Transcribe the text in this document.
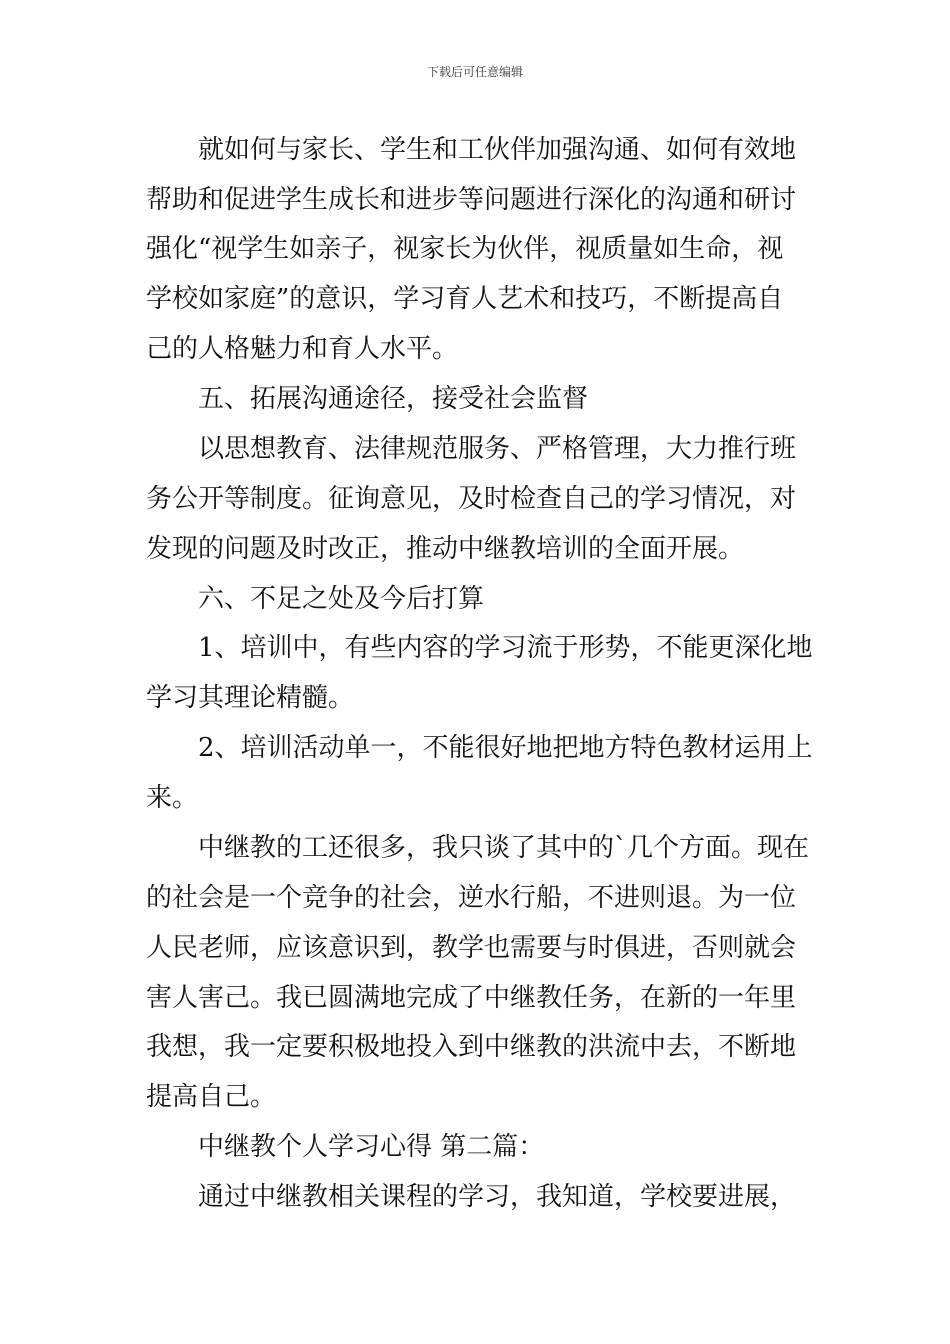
下载后可任意编辑
就如何与家长、学生和工伙伴加强沟通、如何有效地
帮助和促进学生成长和进步等问题进行深化的沟通和研讨
强化“视学生如亲子，视家长为伙伴，视质量如生命，视
学校如家庭”的意识，学习育人艺术和技巧，不断提高自
己的人格魅力和育人水平。
五、拓展沟通途径，接受社会监督
以思想教育、法律规范服务、严格管理，大力推行班
务公开等制度。征询意见，及时检查自己的学习情况，对
发现的问题及时改正，推动中继教培训的全面开展。
六、不足之处及今后打算
1、培训中，有些内容的学习流于形势，不能更深化地
学习其理论精髓。
2、培训活动单一，不能很好地把地方特色教材运用上
来。
中继教的工还很多，我只谈了其中的`几个方面。现在
的社会是一个竞争的社会，逆水行船，不进则退。为一位
人民老师，应该意识到，教学也需要与时俱进，否则就会
害人害己。我已圆满地完成了中继教任务，在新的一年里
我想，我一定要积极地投入到中继教的洪流中去，不断地
提高自己。
中继教个人学习心得 第二篇：
通过中继教相关课程的学习，我知道，学校要进展，
